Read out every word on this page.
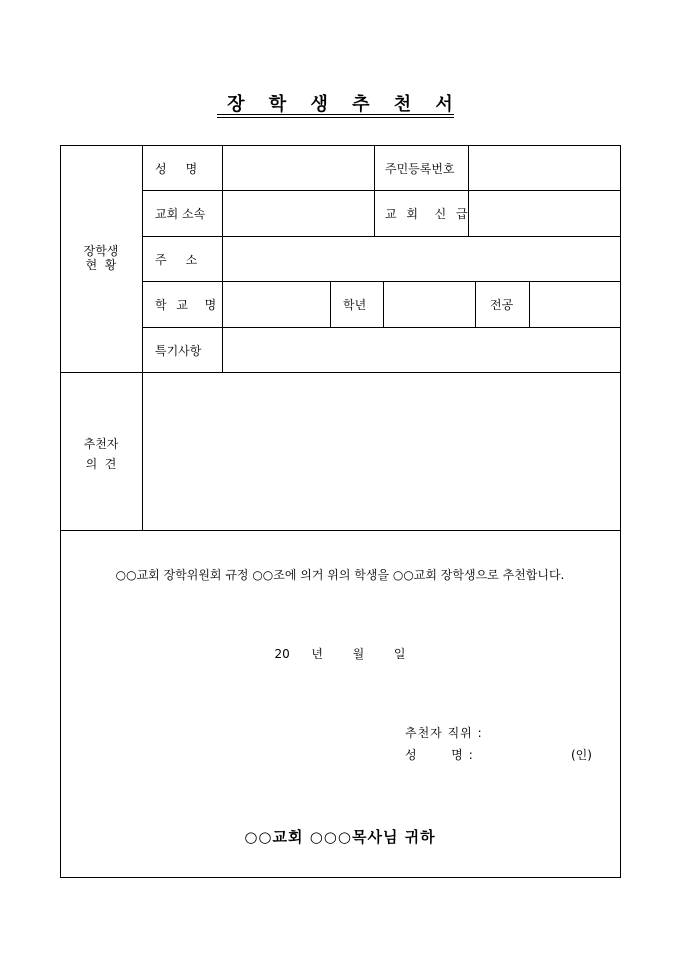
장 학 생 추 천 서
장학생
현  황
추천자
의  견
성     명	주민등록번호
교회 소속	교 회  신 급
주     소
학 교  명	학년	전공
특기사항
○○교회 장학위원회 규정 ○○조에 의거 위의 학생을 ○○교회 장학생으로 추천합니다.
20 년 월 일
추천자 직위 :
성       명 :	(인)
○○교회 ○○○목사님 귀하
